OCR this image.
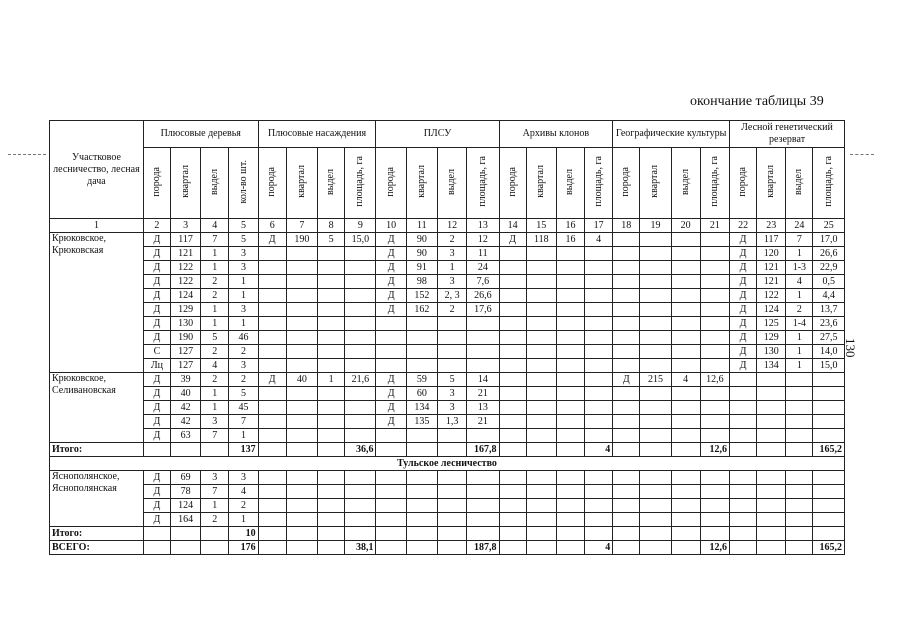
окончание таблицы 39
130
Участковое лесничество, лесная дача	Плюсовые деревья				Плюсовые насаждения				ПЛСУ				Архивы клонов				Географические культуры				Лесной генетический резерват			
	порода	квартал	выдел	кол-во шт.	порода	квартал	выдел	площадь, га	порода	квартал	выдел	площадь, га	порода	квартал	выдел	площадь, га	порода	квартал	выдел	площадь, га	порода	квартал	выдел	площадь, га
1	2	3	4	5	6	7	8	9	10	11	12	13	14	15	16	17	18	19	20	21	22	23	24	25
Крюковское, Крюковская	Д	117	7	5	Д	190	5	15,0	Д	90	2	12	Д	118	16	4					Д	117	7	17,0
	Д	121	1	3					Д	90	3	11									Д	120	1	26,6
	Д	122	1	3					Д	91	1	24									Д	121	1-3	22,9
	Д	122	2	1					Д	98	3	7,6									Д	121	4	0,5
	Д	124	2	1					Д	152	2, 3	26,6									Д	122	1	4,4
	Д	129	1	3					Д	162	2	17,6									Д	124	2	13,7
	Д	130	1	1																	Д	125	1-4	23,6
	Д	190	5	46																	Д	129	1	27,5
	С	127	2	2																	Д	130	1	14,0
	Лц	127	4	3																	Д	134	1	15,0
Крюковское, Селивановская	Д	39	2	2	Д	40	1	21,6	Д	59	5	14					Д	215	4	12,6				
	Д	40	1	5					Д	60	3	21												
	Д	42	1	45					Д	134	3	13												
	Д	42	3	7					Д	135	1,3	21												
	Д	63	7	1																				
Итого:				137				36,6				167,8				4				12,6				165,2
Тульское лесничество																								
Яснополянское, Яснополянская	Д	69	3	3																				
	Д	78	7	4																				
	Д	124	1	2																				
	Д	164	2	1																				
Итого:				10																				
ВСЕГО:				176				38,1				187,8				4				12,6				165,2
